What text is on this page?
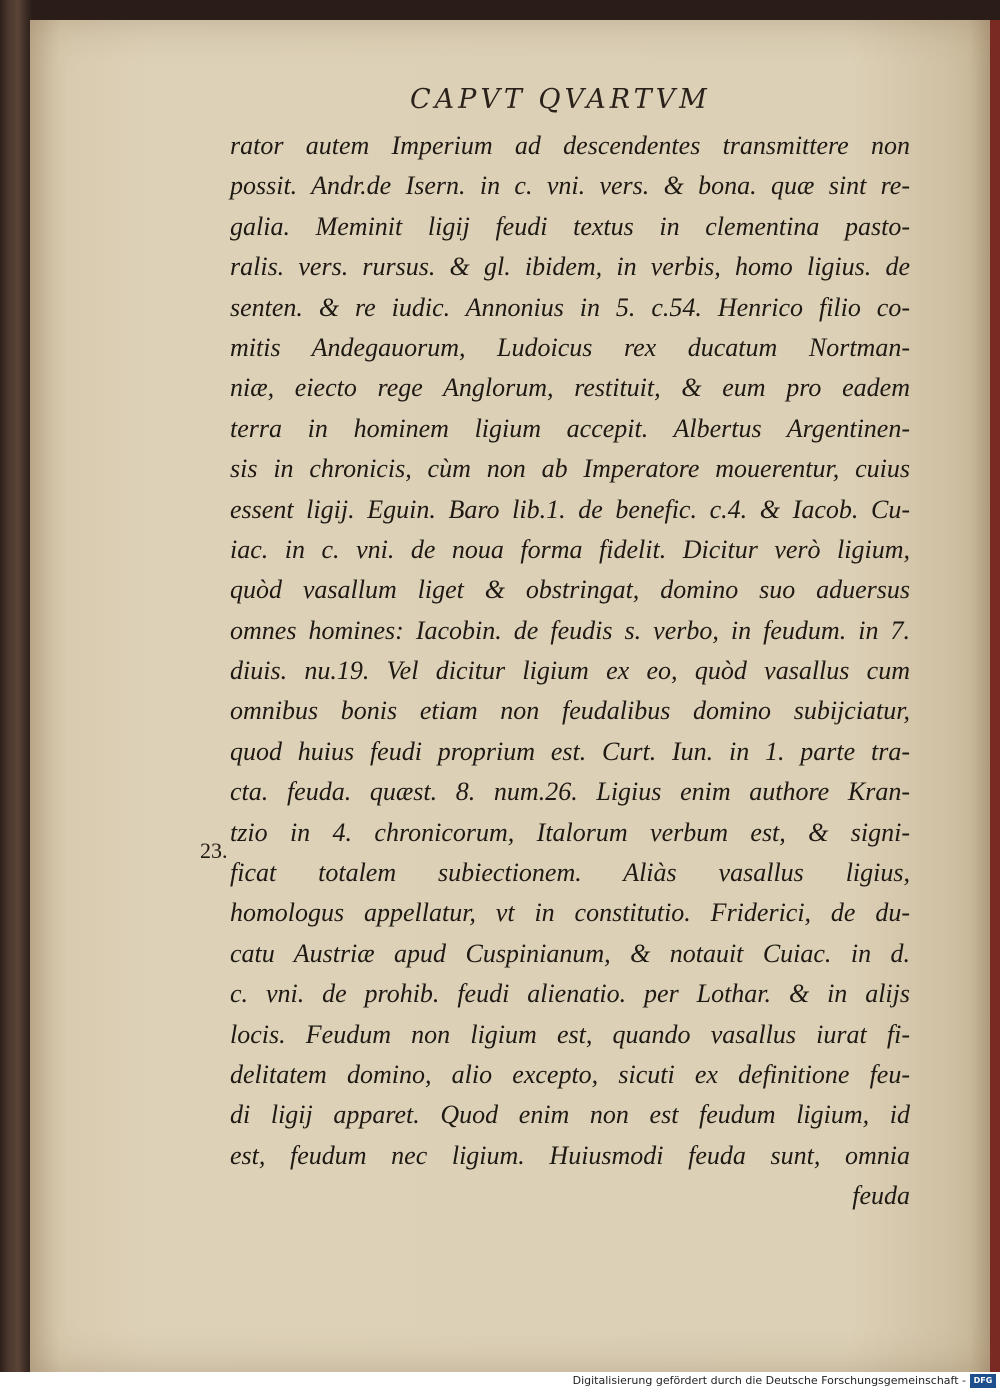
CAPVT QVARTVM
23.
rator autem Imperium ad descendentes transmittere non
possit. Andr.de Isern. in c. vni. vers. & bona. quæ sint re-
galia. Meminit ligij feudi textus in clementina pasto-
ralis. vers. rursus. & gl. ibidem, in verbis, homo ligius. de
senten. & re iudic. Annonius in 5. c.54. Henrico filio co-
mitis Andegauorum, Ludoicus rex ducatum Nortman-
niæ, eiecto rege Anglorum, restituit, & eum pro eadem
terra in hominem ligium accepit. Albertus Argentinen-
sis in chronicis, cùm non ab Imperatore mouerentur, cuius
essent ligij. Eguin. Baro lib.1. de benefic. c.4. & Iacob. Cu-
iac. in c. vni. de noua forma fidelit. Dicitur verò ligium,
quòd vasallum liget & obstringat, domino suo aduersus
omnes homines: Iacobin. de feudis s. verbo, in feudum. in 7.
diuis. nu.19. Vel dicitur ligium ex eo, quòd vasallus cum
omnibus bonis etiam non feudalibus domino subijciatur,
quod huius feudi proprium est. Curt. Iun. in 1. parte tra-
cta. feuda. quæst. 8. num.26. Ligius enim authore Kran-
tzio in 4. chronicorum, Italorum verbum est, & signi-
ficat totalem subiectionem. Aliàs vasallus ligius,
homologus appellatur, vt in constitutio. Friderici, de du-
catu Austriæ apud Cuspinianum, & notauit Cuiac. in d.
c. vni. de prohib. feudi alienatio. per Lothar. & in alijs
locis. Feudum non ligium est, quando vasallus iurat fi-
delitatem domino, alio excepto, sicuti ex definitione feu-
di ligij apparet. Quod enim non est feudum ligium, id
est, feudum nec ligium. Huiusmodi feuda sunt, omnia
feuda
Digitalisierung gefördert durch die Deutsche Forschungsgemeinschaft - DFG
